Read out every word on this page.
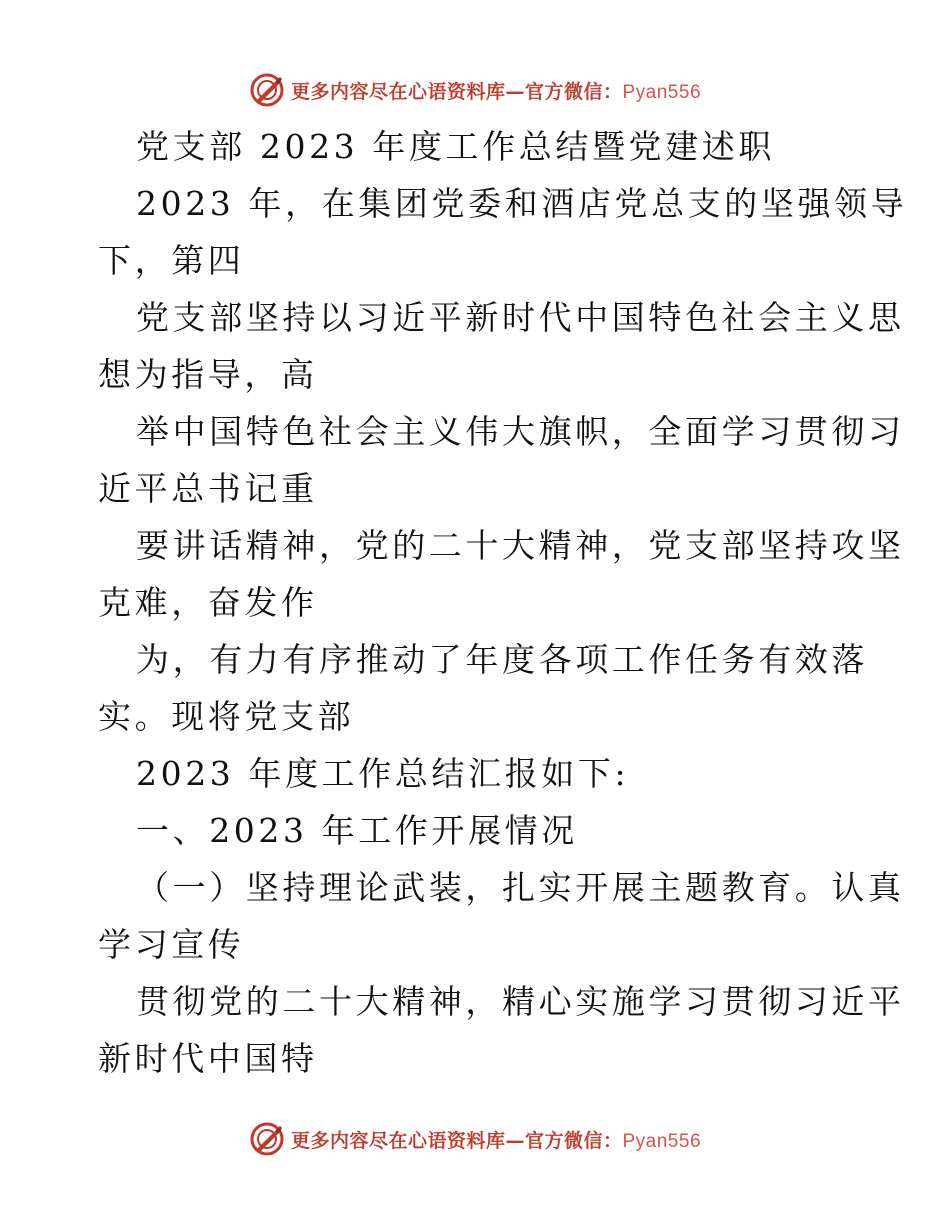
更多内容尽在心语资料库—官方微信：Pyan556
党支部 2023 年度工作总结暨党建述职
2023 年，在集团党委和酒店党总支的坚强领导
下，第四
党支部坚持以习近平新时代中国特色社会主义思
想为指导，高
举中国特色社会主义伟大旗帜，全面学习贯彻习
近平总书记重
要讲话精神，党的二十大精神，党支部坚持攻坚
克难，奋发作
为，有力有序推动了年度各项工作任务有效落
实。现将党支部
2023 年度工作总结汇报如下:
一、2023 年工作开展情况
（一）坚持理论武装，扎实开展主题教育。认真
学习宣传
贯彻党的二十大精神，精心实施学习贯彻习近平
新时代中国特
更多内容尽在心语资料库—官方微信：Pyan556
